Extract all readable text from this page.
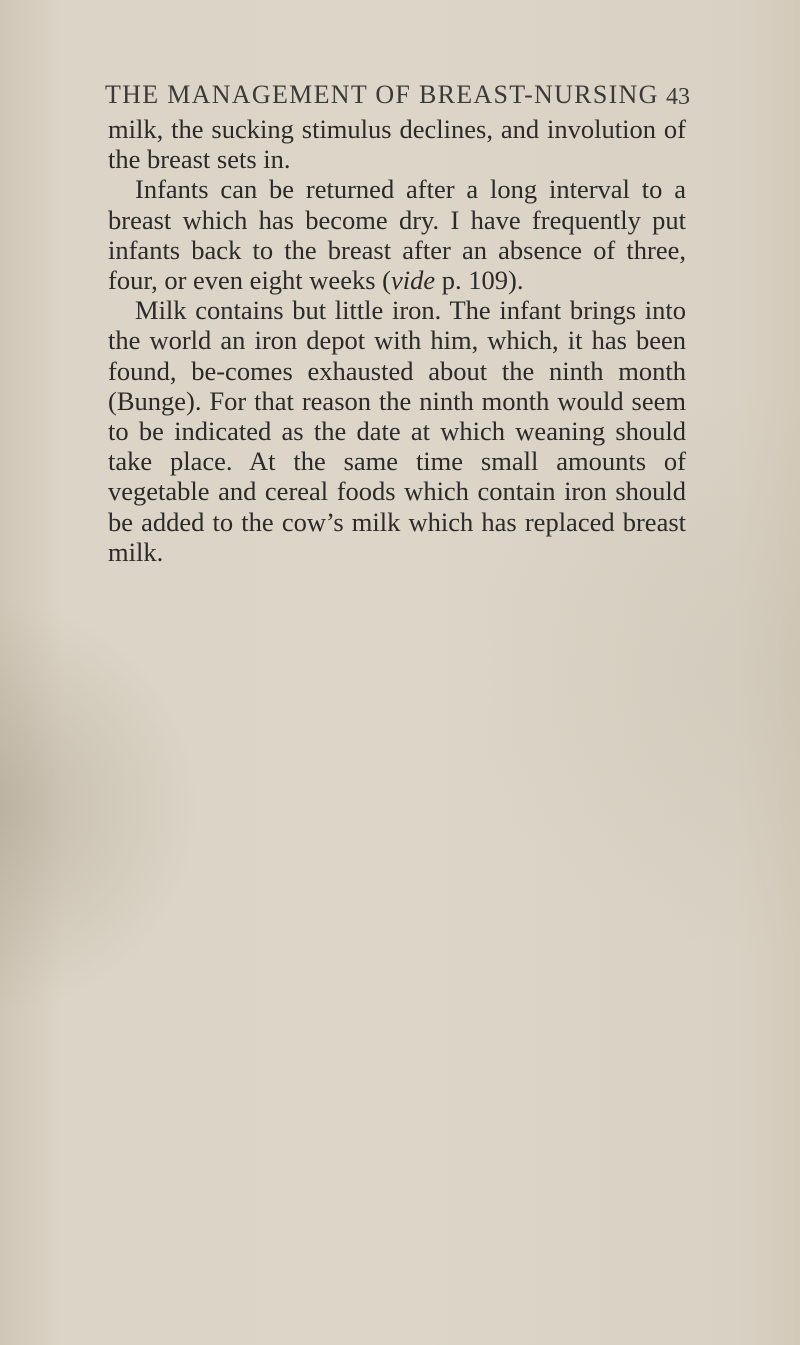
THE MANAGEMENT OF BREAST-NURSING 43

milk, the sucking stimulus declines, and involution of the breast sets in.

Infants can be returned after a long interval to a breast which has become dry. I have frequently put infants back to the breast after an absence of three, four, or even eight weeks (vide p. 109).

Milk contains but little iron. The infant brings into the world an iron depot with him, which, it has been found, be-comes exhausted about the ninth month (Bunge). For that reason the ninth month would seem to be indicated as the date at which weaning should take place. At the same time small amounts of vegetable and cereal foods which contain iron should be added to the cow’s milk which has replaced breast milk.
